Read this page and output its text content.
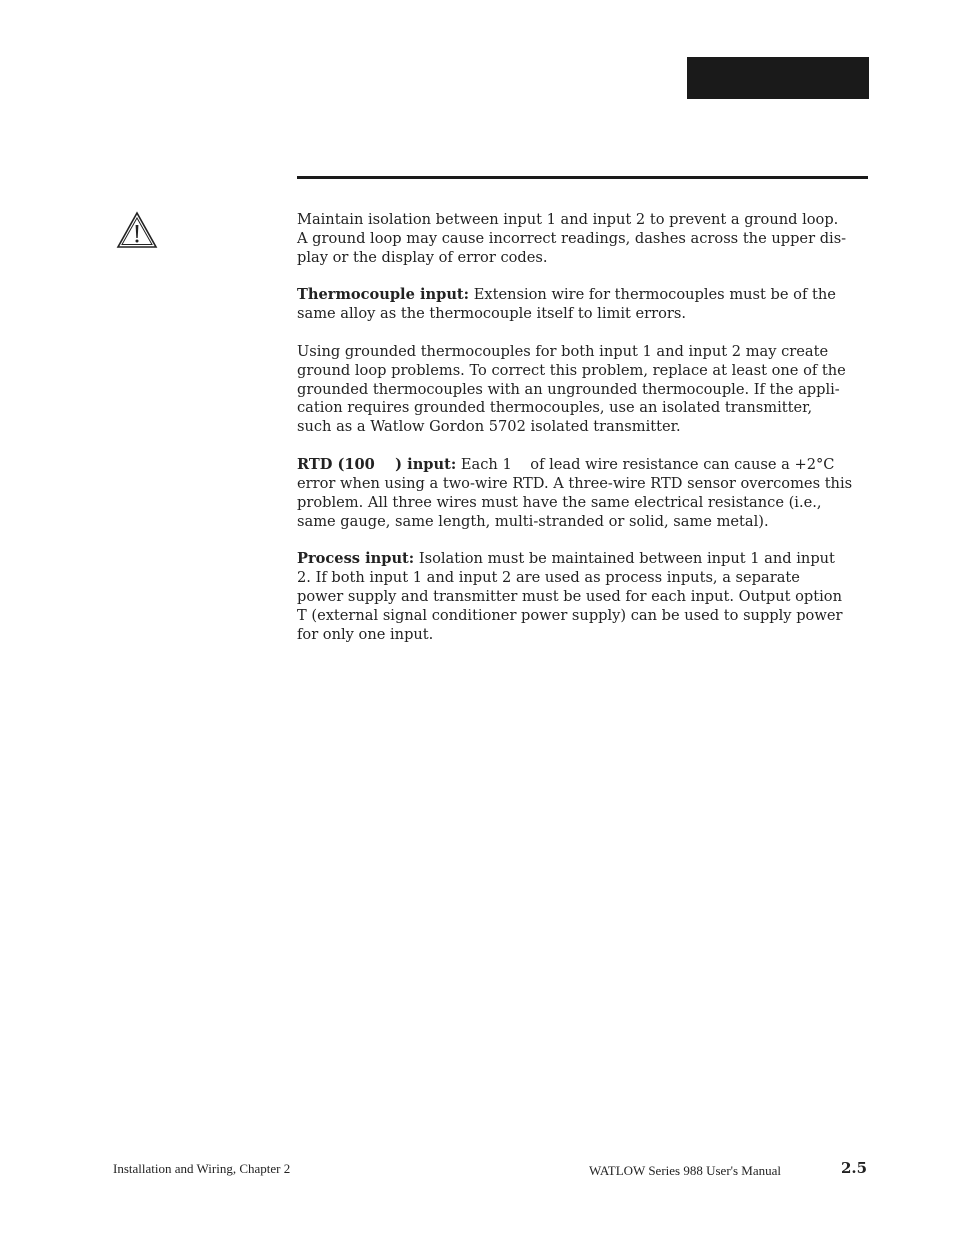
Maintain isolation between input 1 and input 2 to prevent a ground loop.
A ground loop may cause incorrect readings, dashes across the upper dis-
play or the display of error codes.

Thermocouple input: Extension wire for thermocouples must be of the
same alloy as the thermocouple itself to limit errors.

Using grounded thermocouples for both input 1 and input 2 may create
ground loop problems. To correct this problem, replace at least one of the
grounded thermocouples with an ungrounded thermocouple. If the appli-
cation requires grounded thermocouples, use an isolated transmitter,
such as a Watlow Gordon 5702 isolated transmitter.

RTD (100    ) input: Each 1    of lead wire resistance can cause a +2°C
error when using a two-wire RTD. A three-wire RTD sensor overcomes this
problem. All three wires must have the same electrical resistance (i.e.,
same gauge, same length, multi-stranded or solid, same metal).

Process input: Isolation must be maintained between input 1 and input
2. If both input 1 and input 2 are used as process inputs, a separate
power supply and transmitter must be used for each input. Output option
T (external signal conditioner power supply) can be used to supply power
for only one input.

Installation and Wiring, Chapter 2	WATLOW Series 988 User's Manual	2.5
